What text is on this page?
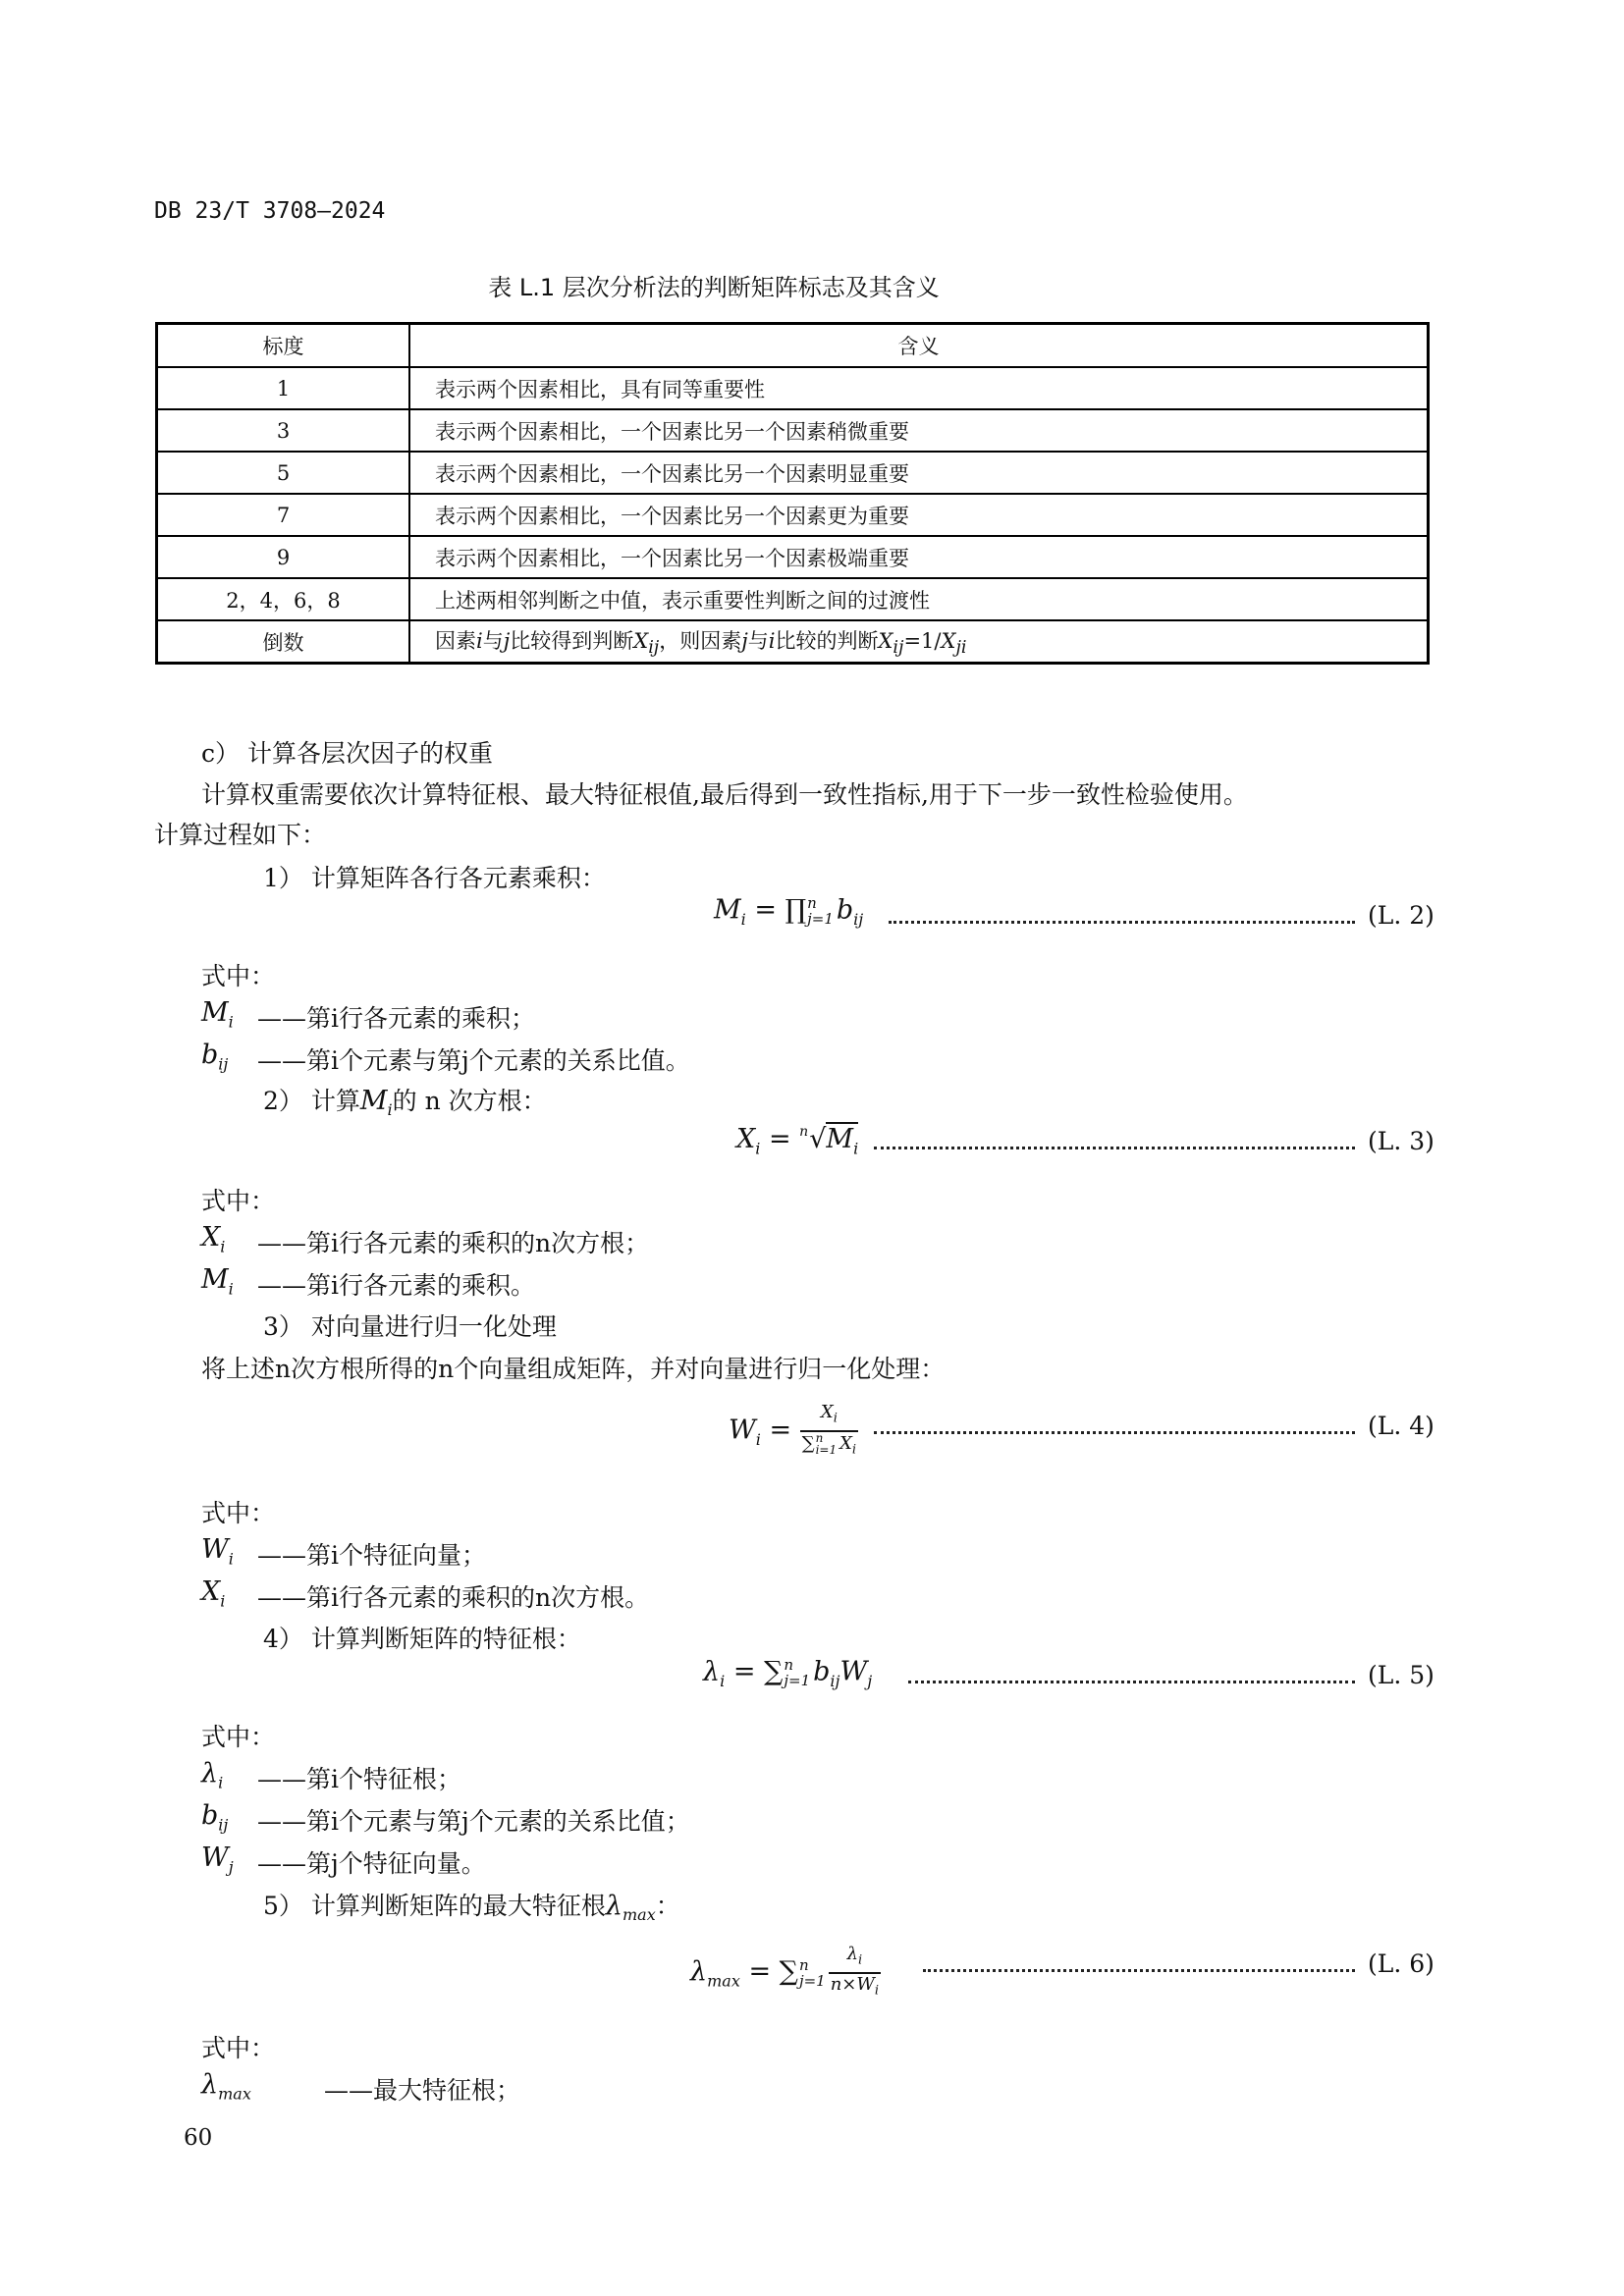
DB 23/T 3708—2024
表 L.1 层次分析法的判断矩阵标志及其含义
标度	含义
1	表示两个因素相比，具有同等重要性
3	表示两个因素相比，一个因素比另一个因素稍微重要
5	表示两个因素相比，一个因素比另一个因素明显重要
7	表示两个因素相比，一个因素比另一个因素更为重要
9	表示两个因素相比，一个因素比另一个因素极端重要
2，4，6，8	上述两相邻判断之中值，表示重要性判断之间的过渡性
倒数	因素i与j比较得到判断$X_{ij}$，则因素j与i比较的判断$X_{ij}=1/X_{ji}$
c） 计算各层次因子的权重
计算权重需要依次计算特征根、最大特征根值,最后得到一致性指标,用于下一步一致性检验使用。
计算过程如下：
1） 计算矩阵各行各元素乘积：
$M_i$ = ∏ n
j=1 $b_{ij}$	(L. 2)
式中：
$M_i$ ——第i行各元素的乘积；
$b_{ij}$ ——第i个元素与第j个元素的关系比值。
2） 计算$M_i$的 n 次方根：
$X_i = n√M_i$	(L. 3)
式中：
$X_i$ ——第i行各元素的乘积的n次方根；
$M_i$ ——第i行各元素的乘积。
3） 对向量进行归一化处理
将上述n次方根所得的n个向量组成矩阵，并对向量进行归一化处理：
$W_i = X_i$
∑ n
i=1 $X_i$	(L. 4)
式中：
$W_i$ ——第i个特征向量；
$X_i$ ——第i行各元素的乘积的n次方根。
4） 计算判断矩阵的特征根：
$\lambda_i$ = ∑ n
j=1 $b_{ij}W_j$	(L. 5)
式中：
$\lambda_i$ ——第i个特征根；
$b_{ij}$ ——第i个元素与第j个元素的关系比值；
$W_j$ ——第j个特征向量。
5） 计算判断矩阵的最大特征根$\lambda_{max}$：
$\lambda_{max}$ = ∑ n
$j=1 \frac{\lambda_i}{n\times W_i}$	(L. 6)
式中：
$\lambda_{max}$	——最大特征根；
60
